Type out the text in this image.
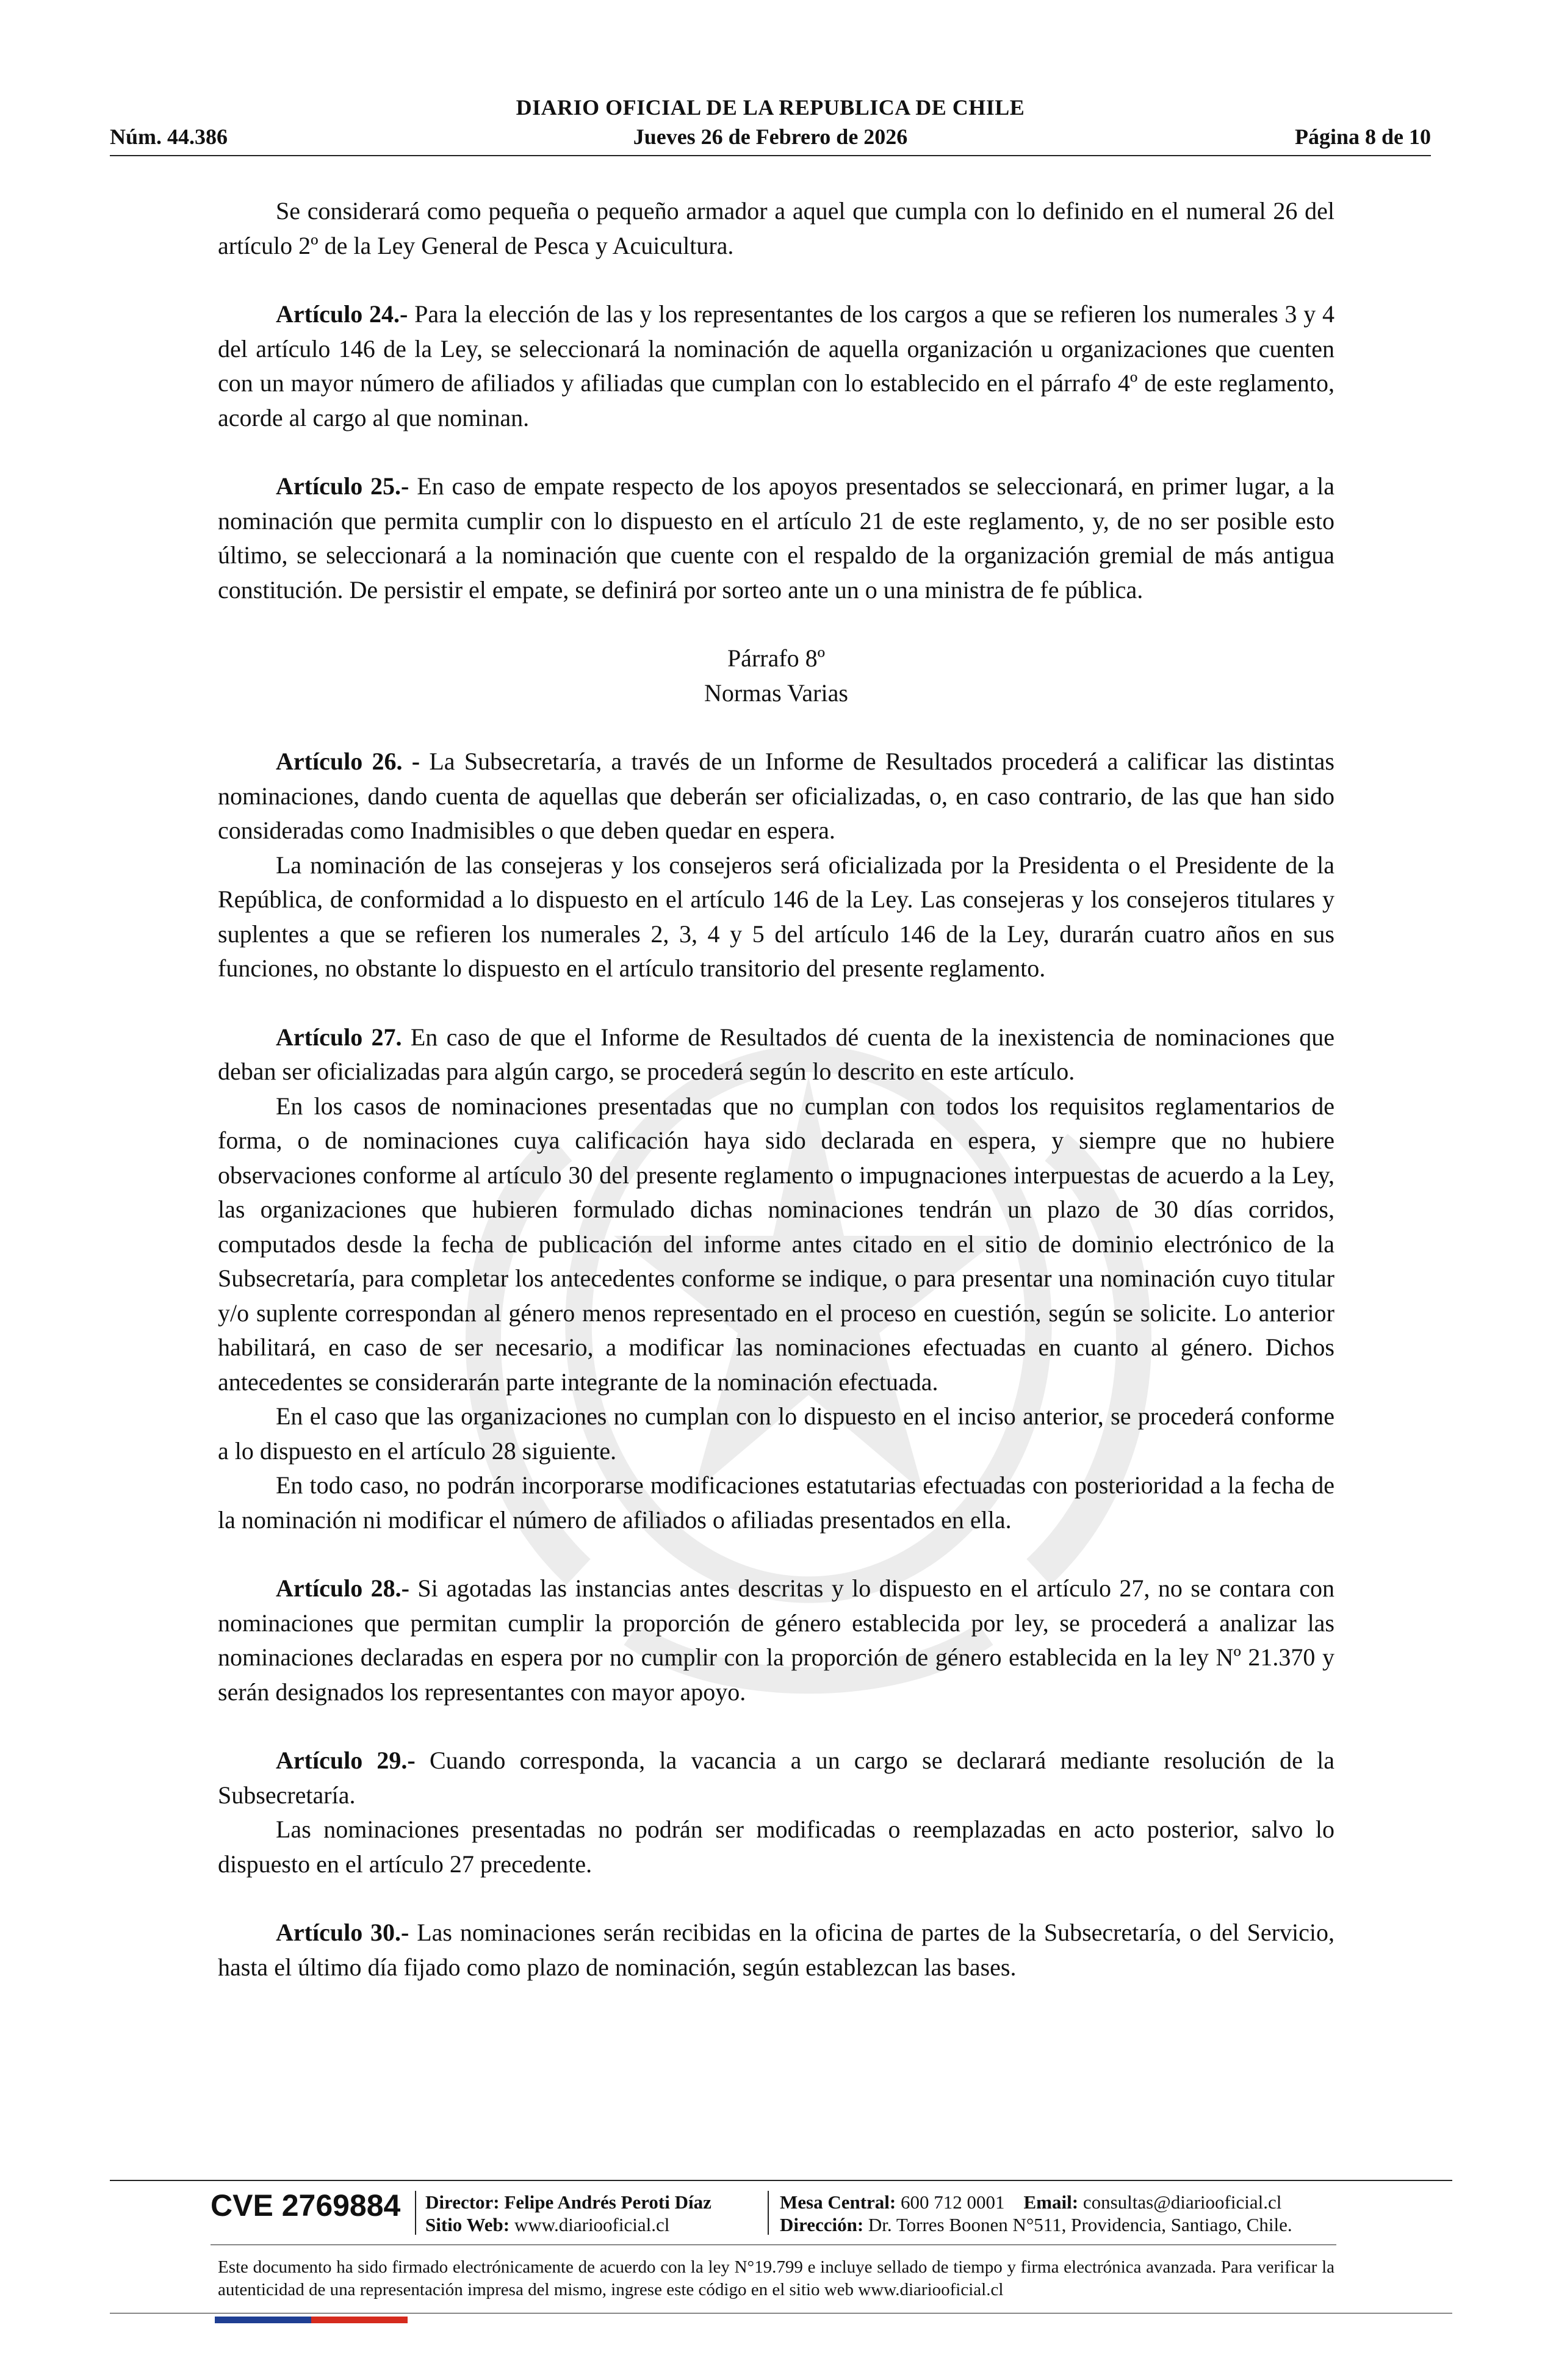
DIARIO OFICIAL DE LA REPUBLICA DE CHILE
Núm. 44.386	Jueves 26 de Febrero de 2026	Página 8 de 10

Se considerará como pequeña o pequeño armador a aquel que cumpla con lo definido en el numeral 26 del artículo 2º de la Ley General de Pesca y Acuicultura.

Artículo 24.- Para la elección de las y los representantes de los cargos a que se refieren los numerales 3 y 4 del artículo 146 de la Ley, se seleccionará la nominación de aquella organización u organizaciones que cuenten con un mayor número de afiliados y afiliadas que cumplan con lo establecido en el párrafo 4º de este reglamento, acorde al cargo al que nominan.

Artículo 25.- En caso de empate respecto de los apoyos presentados se seleccionará, en primer lugar, a la nominación que permita cumplir con lo dispuesto en el artículo 21 de este reglamento, y, de no ser posible esto último, se seleccionará a la nominación que cuente con el respaldo de la organización gremial de más antigua constitución. De persistir el empate, se definirá por sorteo ante un o una ministra de fe pública.

Párrafo 8º

Normas Varias

Artículo 26. - La Subsecretaría, a través de un Informe de Resultados procederá a calificar las distintas nominaciones, dando cuenta de aquellas que deberán ser oficializadas, o, en caso contrario, de las que han sido consideradas como Inadmisibles o que deben quedar en espera.

La nominación de las consejeras y los consejeros será oficializada por la Presidenta o el Presidente de la República, de conformidad a lo dispuesto en el artículo 146 de la Ley. Las consejeras y los consejeros titulares y suplentes a que se refieren los numerales 2, 3, 4 y 5 del artículo 146 de la Ley, durarán cuatro años en sus funciones, no obstante lo dispuesto en el artículo transitorio del presente reglamento.

Artículo 27. En caso de que el Informe de Resultados dé cuenta de la inexistencia de nominaciones que deban ser oficializadas para algún cargo, se procederá según lo descrito en este artículo.

En los casos de nominaciones presentadas que no cumplan con todos los requisitos reglamentarios de forma, o de nominaciones cuya calificación haya sido declarada en espera, y siempre que no hubiere observaciones conforme al artículo 30 del presente reglamento o impugnaciones interpuestas de acuerdo a la Ley, las organizaciones que hubieren formulado dichas nominaciones tendrán un plazo de 30 días corridos, computados desde la fecha de publicación del informe antes citado en el sitio de dominio electrónico de la Subsecretaría, para completar los antecedentes conforme se indique, o para presentar una nominación cuyo titular y/o suplente correspondan al género menos representado en el proceso en cuestión, según se solicite. Lo anterior habilitará, en caso de ser necesario, a modificar las nominaciones efectuadas en cuanto al género. Dichos antecedentes se considerarán parte integrante de la nominación efectuada.

En el caso que las organizaciones no cumplan con lo dispuesto en el inciso anterior, se procederá conforme a lo dispuesto en el artículo 28 siguiente.

En todo caso, no podrán incorporarse modificaciones estatutarias efectuadas con posterioridad a la fecha de la nominación ni modificar el número de afiliados o afiliadas presentados en ella.

Artículo 28.- Si agotadas las instancias antes descritas y lo dispuesto en el artículo 27, no se contara con nominaciones que permitan cumplir la proporción de género establecida por ley, se procederá a analizar las nominaciones declaradas en espera por no cumplir con la proporción de género establecida en la ley Nº 21.370 y serán designados los representantes con mayor apoyo.

Artículo 29.- Cuando corresponda, la vacancia a un cargo se declarará mediante resolución de la Subsecretaría.

Las nominaciones presentadas no podrán ser modificadas o reemplazadas en acto posterior, salvo lo dispuesto en el artículo 27 precedente.

Artículo 30.- Las nominaciones serán recibidas en la oficina de partes de la Subsecretaría, o del Servicio, hasta el último día fijado como plazo de nominación, según establezcan las bases.

CVE 2769884 Director: Felipe Andrés Peroti Díaz
Sitio Web: www.diariooficial.cl
Mesa Central: 600 712 0001 Email: consultas@diariooficial.cl
Dirección: Dr. Torres Boonen N°511, Providencia, Santiago, Chile.
Este documento ha sido firmado electrónicamente de acuerdo con la ley N°19.799 e incluye sellado de tiempo y firma electrónica avanzada. Para verificar la autenticidad de una representación impresa del mismo, ingrese este código en el sitio web www.diariooficial.cl
